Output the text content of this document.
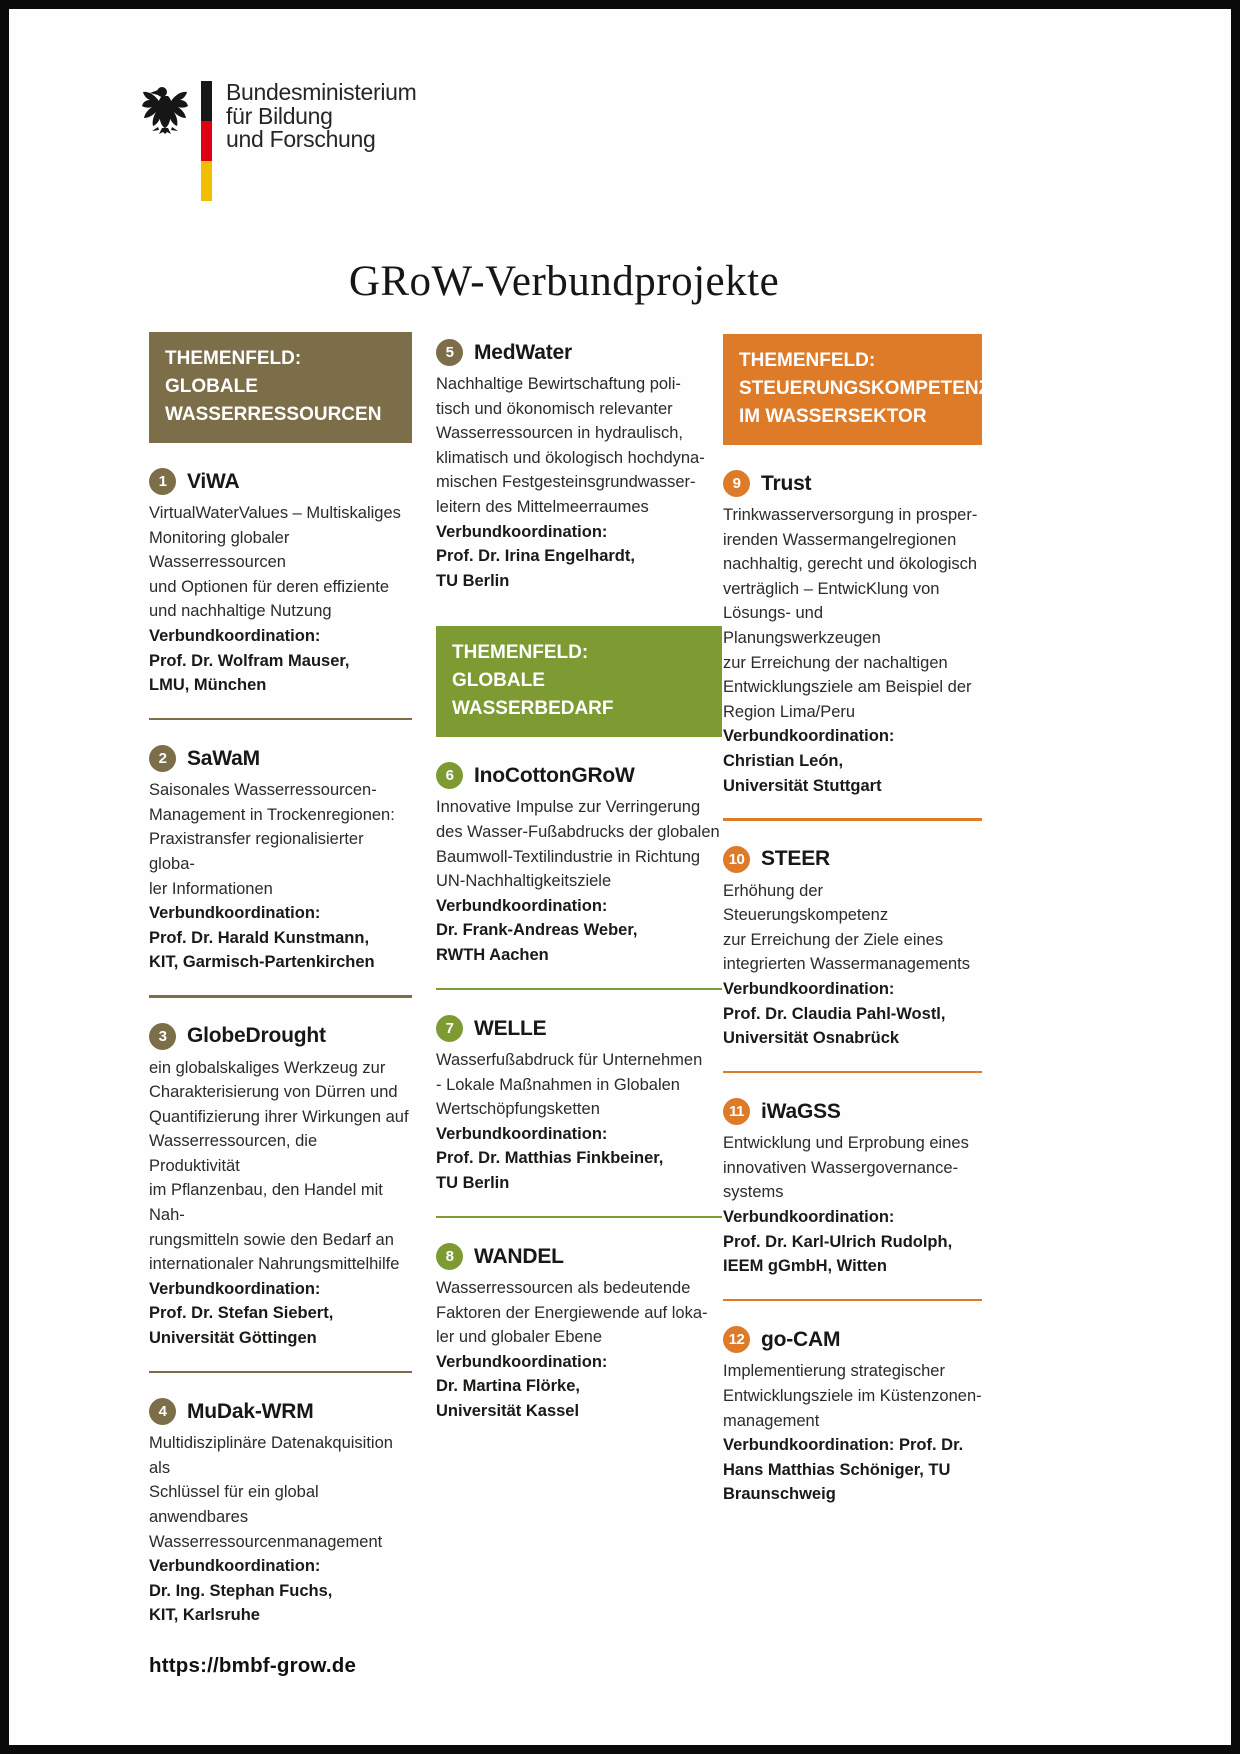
Bundesministerium
für Bildung
und Forschung
GRoW-Verbundprojekte
THEMENFELD:
GLOBALE
WASSERRESSOURCEN
1 ViWA
VirtualWaterValues – Multiskaliges
Monitoring globaler Wasserressourcen
und Optionen für deren effiziente
und nachhaltige Nutzung
Verbundkoordination:
Prof. Dr. Wolfram Mauser,
LMU, München
2 SaWaM
Saisonales Wasserressourcen-
Management in Trockenregionen:
Praxistransfer regionalisierter globa-
ler Informationen
Verbundkoordination:
Prof. Dr. Harald Kunstmann,
KIT, Garmisch-Partenkirchen
3 GlobeDrought
ein globalskaliges Werkzeug zur
Charakterisierung von Dürren und
Quantifizierung ihrer Wirkungen auf
Wasserressourcen, die Produktivität
im Pflanzenbau, den Handel mit Nah-
rungsmitteln sowie den Bedarf an
internationaler Nahrungsmittelhilfe
Verbundkoordination:
Prof. Dr. Stefan Siebert,
Universität Göttingen
4 MuDak-WRM
Multidisziplinäre Datenakquisition als
Schlüssel für ein global anwendbares
Wasserressourcenmanagement
Verbundkoordination:
Dr. Ing. Stephan Fuchs,
KIT, Karlsruhe
https://bmbf-grow.de
5 MedWater
Nachhaltige Bewirtschaftung poli-
tisch und ökonomisch relevanter
Wasserressourcen in hydraulisch,
klimatisch und ökologisch hochdyna-
mischen Festgesteinsgrundwasser-
leitern des Mittelmeerraumes
Verbundkoordination:
Prof. Dr. Irina Engelhardt,
TU Berlin
THEMENFELD:
GLOBALE
WASSERBEDARF
6 InoCottonGRoW
Innovative Impulse zur Verringerung
des Wasser-Fußabdrucks der globalen
Baumwoll-Textilindustrie in Richtung
UN-Nachhaltigkeitsziele
Verbundkoordination:
Dr. Frank-Andreas Weber,
RWTH Aachen
7 WELLE
Wasserfußabdruck für Unternehmen
- Lokale Maßnahmen in Globalen
Wertschöpfungsketten
Verbundkoordination:
Prof. Dr. Matthias Finkbeiner,
TU Berlin
8 WANDEL
Wasserressourcen als bedeutende
Faktoren der Energiewende auf loka-
ler und globaler Ebene
Verbundkoordination:
Dr. Martina Flörke,
Universität Kassel
THEMENFELD:
STEUERUNGSKOMPETENZ
IM WASSERSEKTOR
9 Trust
Trinkwasserversorgung in prosper-
irenden Wassermangelregionen
nachhaltig, gerecht und ökologisch
verträglich – EntwicKlung von
Lösungs- und Planungswerkzeugen
zur Erreichung der nachaltigen
Entwicklungsziele am Beispiel der
Region Lima/Peru
Verbundkoordination:
Christian León,
Universität Stuttgart
10 STEER
Erhöhung der Steuerungskompetenz
zur Erreichung der Ziele eines
integrierten Wassermanagements
Verbundkoordination:
Prof. Dr. Claudia Pahl-Wostl,
Universität Osnabrück
11 iWaGSS
Entwicklung und Erprobung eines
innovativen Wassergovernance-
systems
Verbundkoordination:
Prof. Dr. Karl-Ulrich Rudolph,
IEEM gGmbH, Witten
12 go-CAM
Implementierung strategischer
Entwicklungsziele im Küstenzonen-
management
Verbundkoordination: Prof. Dr.
Hans Matthias Schöniger, TU
Braunschweig
